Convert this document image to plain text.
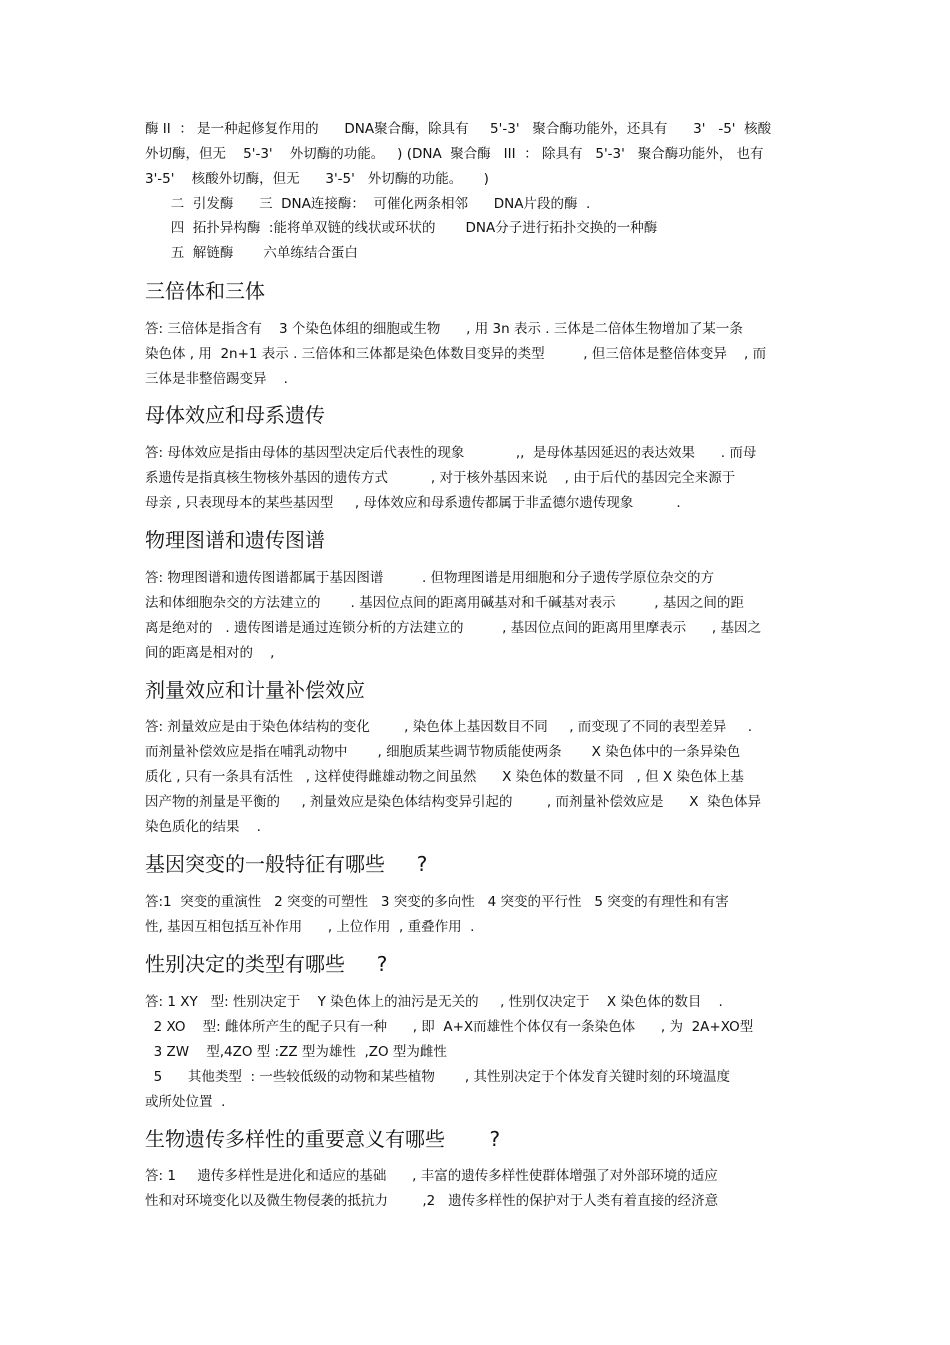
酶 II  ： 是一种起修复作用的      DNA聚合酶，除具有     5'-3'   聚合酶功能外，还具有      3'   -5'  核酸
外切酶，但无    5'-3'    外切酶的功能。   ) (DNA  聚合酶   III  ： 除具有   5'-3'   聚合酶功能外， 也有
3'-5'    核酸外切酶，但无      3'-5'   外切酶的功能。     )
二  引发酶      三  DNA连接酶：  可催化两条相邻      DNA片段的酶  .
四  拓扑异构酶  :能将单双链的线状或环状的       DNA分子进行拓扑交换的一种酶
五  解链酶       六单练结合蛋白
三倍体和三体
答: 三倍体是指含有    3 个染色体组的细胞或生物      , 用 3n 表示 . 三体是二倍体生物增加了某一条
染色体 , 用  2n+1 表示 . 三倍体和三体都是染色体数目变异的类型         , 但三倍体是整倍体变异    , 而
三体是非整倍踢变异    .
母体效应和母系遗传
答: 母体效应是指由母体的基因型决定后代表性的现象            ,,  是母体基因延迟的表达效果      . 而母
系遗传是指真核生物核外基因的遗传方式          , 对于核外基因来说    , 由于后代的基因完全来源于
母亲 , 只表现母本的某些基因型     , 母体效应和母系遗传都属于非孟德尔遗传现象          .
物理图谱和遗传图谱
答: 物理图谱和遗传图谱都属于基因图谱         . 但物理图谱是用细胞和分子遗传学原位杂交的方
法和体细胞杂交的方法建立的       . 基因位点间的距离用碱基对和千碱基对表示         , 基因之间的距
离是绝对的   . 遗传图谱是通过连锁分析的方法建立的         , 基因位点间的距离用里摩表示      , 基因之
间的距离是相对的    ,
剂量效应和计量补偿效应
答: 剂量效应是由于染色体结构的变化        , 染色体上基因数目不同     , 而变现了不同的表型差异     .
而剂量补偿效应是指在哺乳动物中       , 细胞质某些调节物质能使两条       X 染色体中的一条异染色
质化 , 只有一条具有活性   , 这样使得雌雄动物之间虽然      X 染色体的数量不同   , 但 X 染色体上基
因产物的剂量是平衡的     , 剂量效应是染色体结构变异引起的        , 而剂量补偿效应是      X  染色体异
染色质化的结果    .
基因突变的一般特征有哪些     ?
答:1  突变的重演性   2 突变的可塑性   3 突变的多向性   4 突变的平行性   5 突变的有理性和有害
性, 基因互相包括互补作用      , 上位作用  , 重叠作用  .
性别决定的类型有哪些     ?
答: 1 XY   型: 性别决定于    Y 染色体上的油污是无关的     , 性别仅决定于    X 染色体的数目    .
2 XO    型: 雌体所产生的配子只有一种      , 即  A+X而雄性个体仅有一条染色体      , 为  2A+XO型
3 ZW    型,4ZO 型 :ZZ 型为雄性  ,ZO 型为雌性
5      其他类型  : 一些较低级的动物和某些植物       , 其性别决定于个体发育关键时刻的环境温度
或所处位置  .
生物遗传多样性的重要意义有哪些       ?
答: 1     遗传多样性是进化和适应的基础      , 丰富的遗传多样性使群体增强了对外部环境的适应
性和对环境变化以及微生物侵袭的抵抗力        ,2   遗传多样性的保护对于人类有着直接的经济意
